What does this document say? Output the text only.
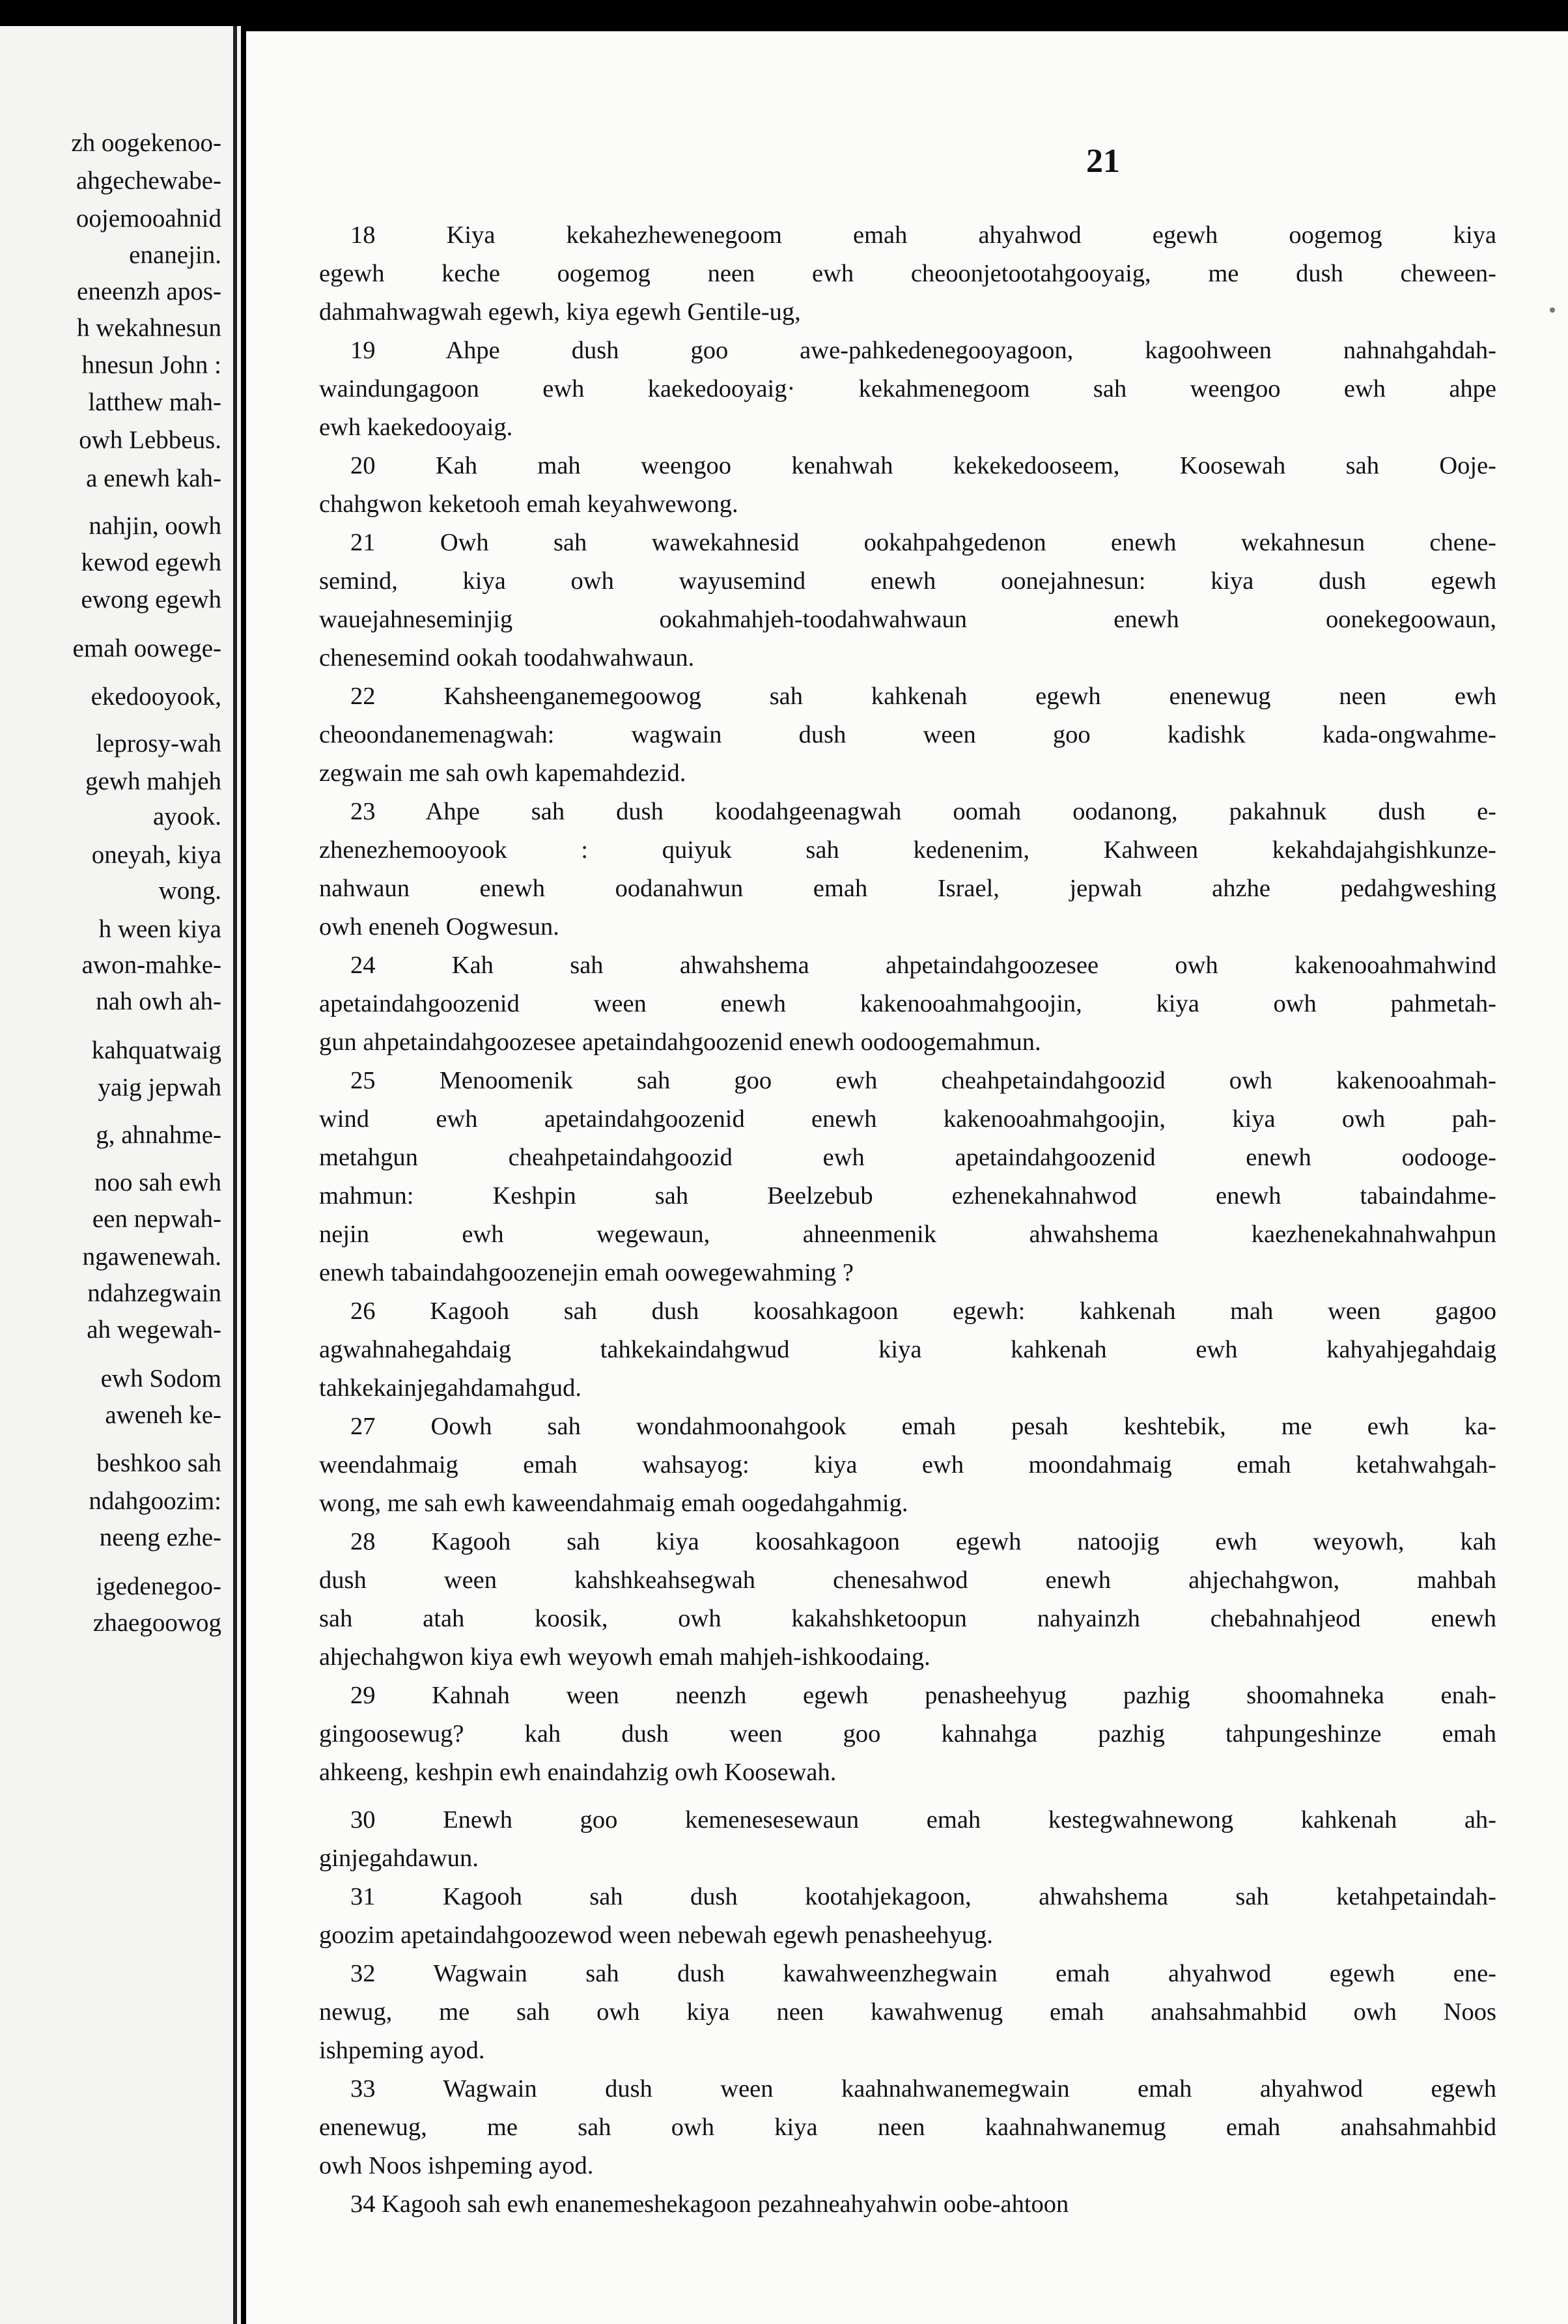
zh oogekenoo-
ahgechewabe-
oojemooahnid
enanejin.
eneenzh apos-
h wekahnesun
hnesun John :
latthew mah-
owh Lebbeus.
a enewh kah-
nahjin, oowh
kewod egewh
ewong egewh
emah oowege-
ekedooyook,
leprosy-wah
gewh mahjeh
ayook.
oneyah, kiya
wong.
h ween kiya
awon-mahke-
nah owh ah-
kahquatwaig
yaig jepwah
g, ahnahme-
noo sah ewh
een nepwah-
ngawenewah.
ndahzegwain
ah wegewah-
ewh Sodom
aweneh ke-
beshkoo sah
ndahgoozim:
neeng ezhe-
igedenegoo-
zhaegoowog
21
18 Kiya kekahezhewenegoom emah ahyahwod egewh oogemog kiya
egewh keche oogemog neen ewh cheoonjetootahgooyaig, me dush cheween-
dahmahwagwah egewh, kiya egewh Gentile-ug,
19 Ahpe dush goo awe-pahkedenegooyagoon, kagoohween nahnahgahdah-
waindungagoon ewh kaekedooyaig· kekahmenegoom sah weengoo ewh ahpe
ewh kaekedooyaig.
20 Kah mah weengoo kenahwah kekekedooseem, Koosewah sah Ooje-
chahgwon keketooh emah keyahwewong.
21 Owh sah wawekahnesid ookahpahgedenon enewh wekahnesun chene-
semind, kiya owh wayusemind enewh oonejahnesun: kiya dush egewh
wauejahneseminjig ookahmahjeh-toodahwahwaun enewh oonekegoowaun,
chenesemind ookah toodahwahwaun.
22 Kahsheenganemegoowog sah kahkenah egewh enenewug neen ewh
cheoondanemenagwah: wagwain dush ween goo kadishk kada-ongwahme-
zegwain me sah owh kapemahdezid.
23 Ahpe sah dush koodahgeenagwah oomah oodanong, pakahnuk dush e-
zhenezhemooyook : quiyuk sah kedenenim, Kahween kekahdajahgishkunze-
nahwaun enewh oodanahwun emah Israel, jepwah ahzhe pedahgweshing
owh eneneh Oogwesun.
24 Kah sah ahwahshema ahpetaindahgoozesee owh kakenooahmahwind
apetaindahgoozenid ween enewh kakenooahmahgoojin, kiya owh pahmetah-
gun ahpetaindahgoozesee apetaindahgoozenid enewh oodoogemahmun.
25 Menoomenik sah goo ewh cheahpetaindahgoozid owh kakenooahmah-
wind ewh apetaindahgoozenid enewh kakenooahmahgoojin, kiya owh pah-
metahgun cheahpetaindahgoozid ewh apetaindahgoozenid enewh oodooge-
mahmun: Keshpin sah Beelzebub ezhenekahnahwod enewh tabaindahme-
nejin ewh wegewaun, ahneenmenik ahwahshema kaezhenekahnahwahpun
enewh tabaindahgoozenejin emah oowegewahming ?
26 Kagooh sah dush koosahkagoon egewh: kahkenah mah ween gagoo
agwahnahegahdaig tahkekaindahgwud kiya kahkenah ewh kahyahjegahdaig
tahkekainjegahdamahgud.
27 Oowh sah wondahmoonahgook emah pesah keshtebik, me ewh ka-
weendahmaig emah wahsayog: kiya ewh moondahmaig emah ketahwahgah-
wong, me sah ewh kaweendahmaig emah oogedahgahmig.
28 Kagooh sah kiya koosahkagoon egewh natoojig ewh weyowh, kah
dush ween kahshkeahsegwah chenesahwod enewh ahjechahgwon, mahbah
sah atah koosik, owh kakahshketoopun nahyainzh chebahnahjeod enewh
ahjechahgwon kiya ewh weyowh emah mahjeh-ishkoodaing.
29 Kahnah ween neenzh egewh penasheehyug pazhig shoomahneka enah-
gingoosewug? kah dush ween goo kahnahga pazhig tahpungeshinze emah
ahkeeng, keshpin ewh enaindahzig owh Koosewah.
30 Enewh goo kemenesesewaun emah kestegwahnewong kahkenah ah-
ginjegahdawun.
31 Kagooh sah dush kootahjekagoon, ahwahshema sah ketahpetaindah-
goozim apetaindahgoozewod ween nebewah egewh penasheehyug.
32 Wagwain sah dush kawahweenzhegwain emah ahyahwod egewh ene-
newug, me sah owh kiya neen kawahwenug emah anahsahmahbid owh Noos
ishpeming ayod.
33 Wagwain dush ween kaahnahwanemegwain emah ahyahwod egewh
enenewug, me sah owh kiya neen kaahnahwanemug emah anahsahmahbid
owh Noos ishpeming ayod.
34 Kagooh sah ewh enanemeshekagoon pezahneahyahwin oobe-ahtoon
